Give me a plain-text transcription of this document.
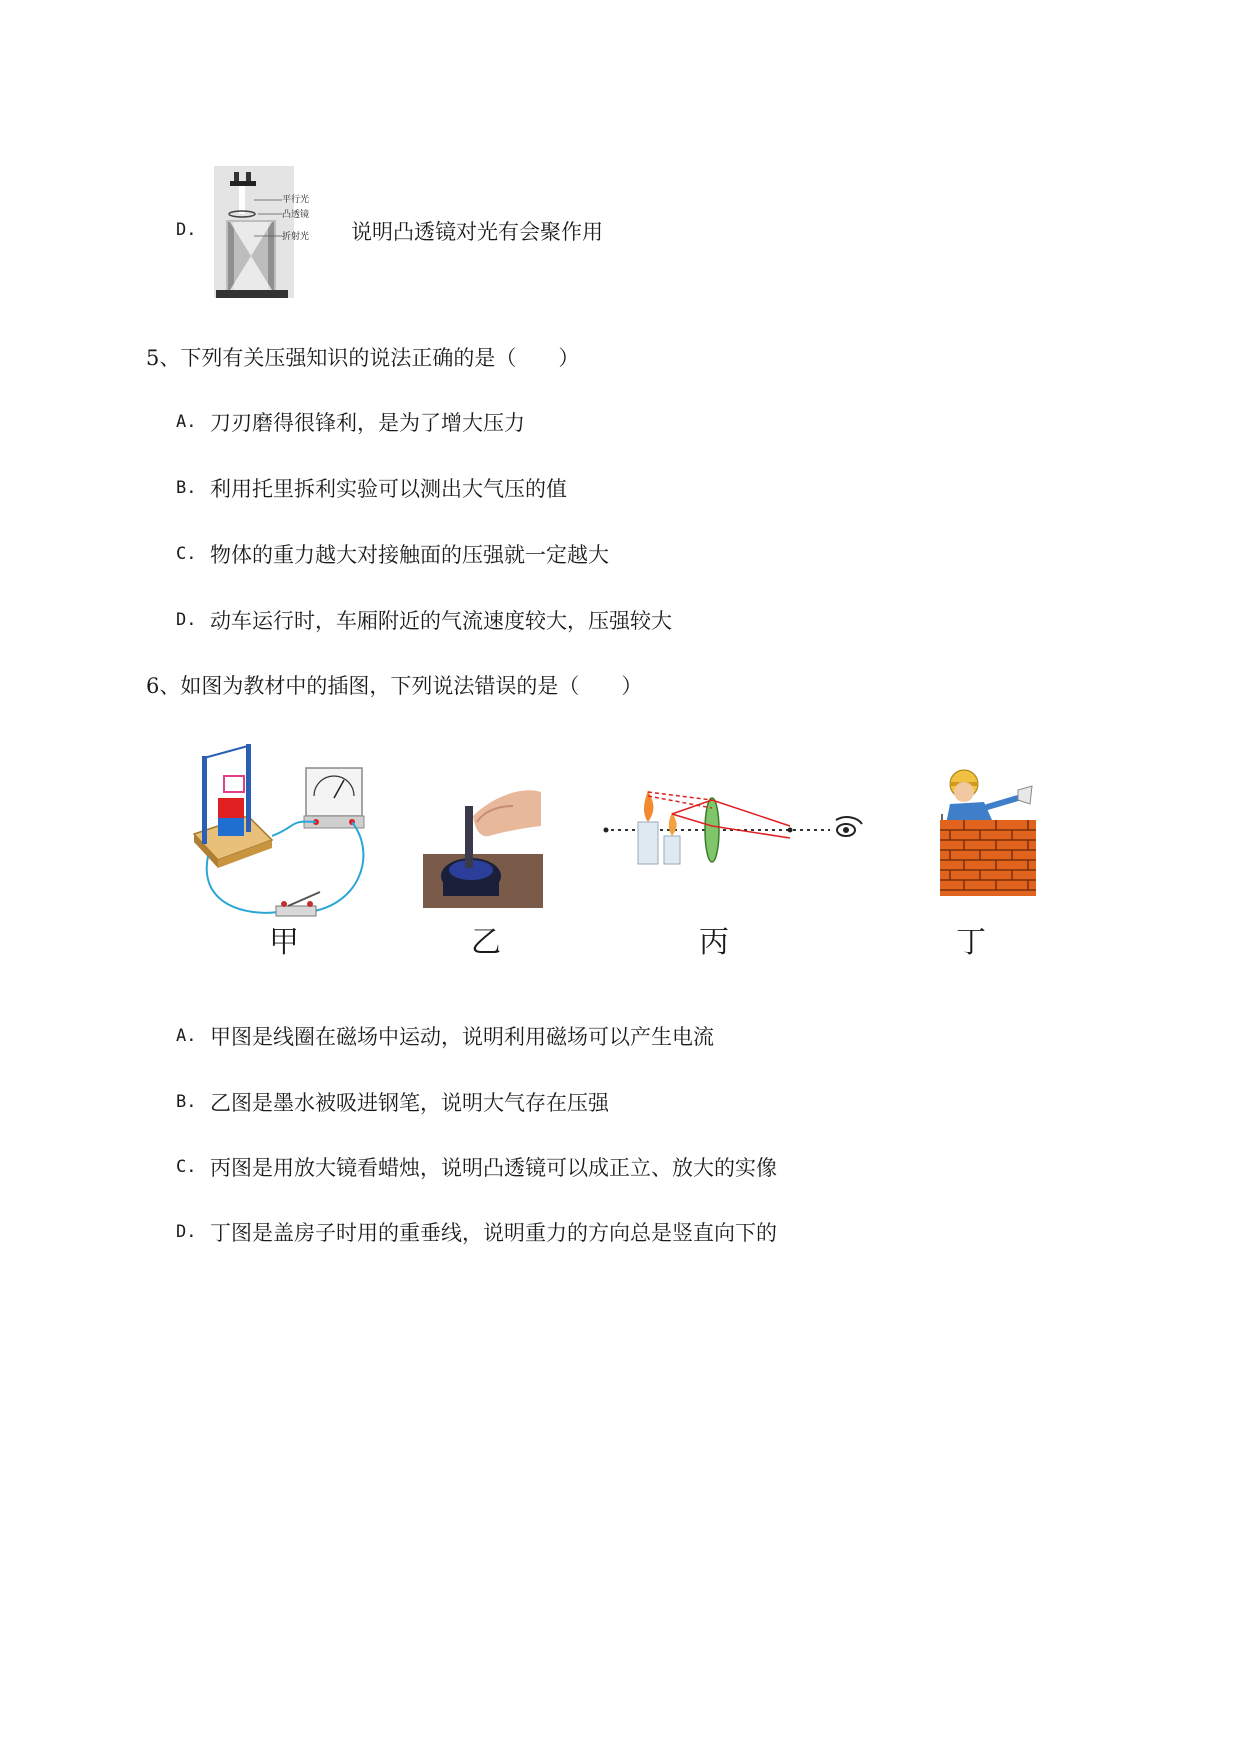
D.
平行光
凸透镜
折射光 说明凸透镜对光有会聚作用
5、下列有关压强知识的说法正确的是（　　）
A. 刀刃磨得很锋利，是为了增大压力
B. 利用托里拆利实验可以测出大气压的值
C. 物体的重力越大对接触面的压强就一定越大
D. 动车运行时，车厢附近的气流速度较大，压强较大
6、如图为教材中的插图，下列说法错误的是（　　）
甲	乙	丙	丁
A. 甲图是线圈在磁场中运动，说明利用磁场可以产生电流
B. 乙图是墨水被吸进钢笔，说明大气存在压强
C. 丙图是用放大镜看蜡烛，说明凸透镜可以成正立、放大的实像
D. 丁图是盖房子时用的重垂线，说明重力的方向总是竖直向下的
